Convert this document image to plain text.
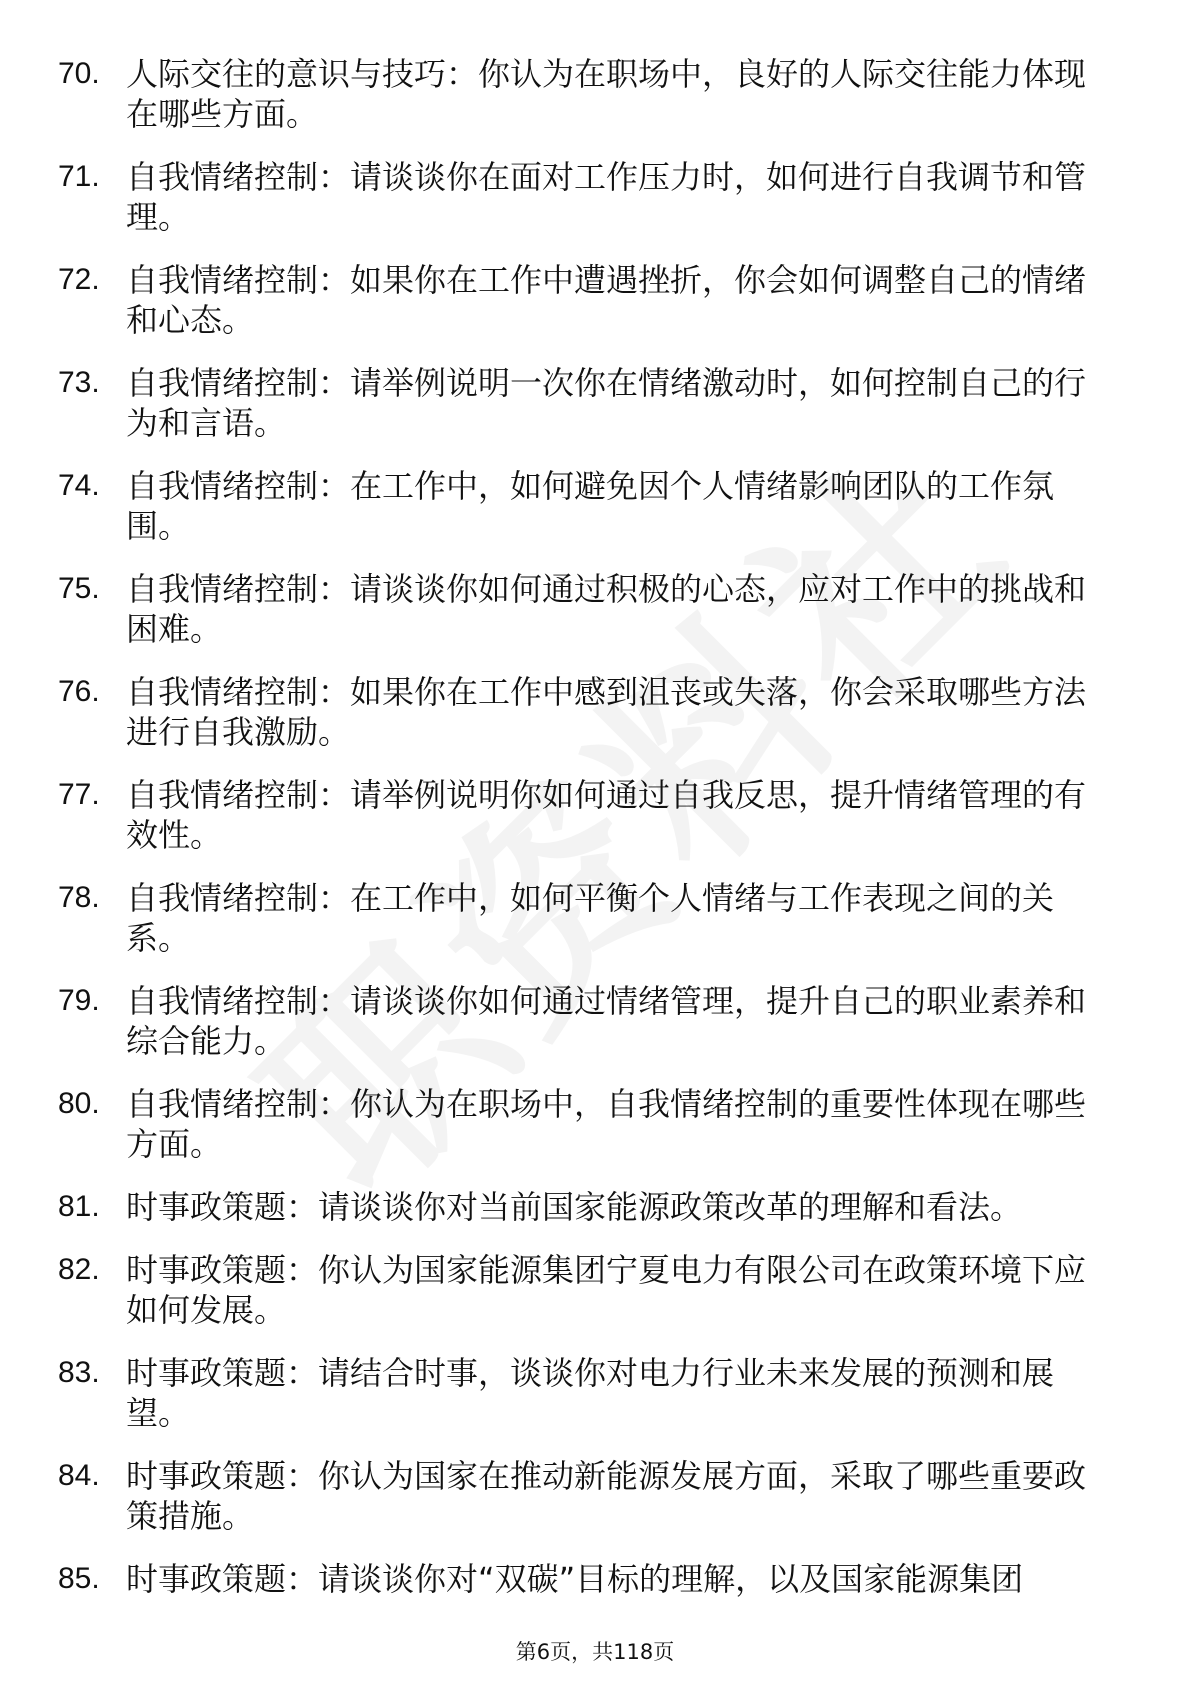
70. 人际交往的意识与技巧：你认为在职场中，良好的人际交往能力体现在哪些方面。
71. 自我情绪控制：请谈谈你在面对工作压力时，如何进行自我调节和管理。
72. 自我情绪控制：如果你在工作中遭遇挫折，你会如何调整自己的情绪和心态。
73. 自我情绪控制：请举例说明一次你在情绪激动时，如何控制自己的行为和言语。
74. 自我情绪控制：在工作中，如何避免因个人情绪影响团队的工作氛围。
75. 自我情绪控制：请谈谈你如何通过积极的心态，应对工作中的挑战和困难。
76. 自我情绪控制：如果你在工作中感到沮丧或失落，你会采取哪些方法进行自我激励。
77. 自我情绪控制：请举例说明你如何通过自我反思，提升情绪管理的有效性。
78. 自我情绪控制：在工作中，如何平衡个人情绪与工作表现之间的关系。
79. 自我情绪控制：请谈谈你如何通过情绪管理，提升自己的职业素养和综合能力。
80. 自我情绪控制：你认为在职场中，自我情绪控制的重要性体现在哪些方面。
81. 时事政策题：请谈谈你对当前国家能源政策改革的理解和看法。
82. 时事政策题：你认为国家能源集团宁夏电力有限公司在政策环境下应如何发展。
83. 时事政策题：请结合时事，谈谈你对电力行业未来发展的预测和展望。
84. 时事政策题：你认为国家在推动新能源发展方面，采取了哪些重要政策措施。
85. 时事政策题：请谈谈你对“双碳”目标的理解，以及国家能源集团
第6页，共118页
